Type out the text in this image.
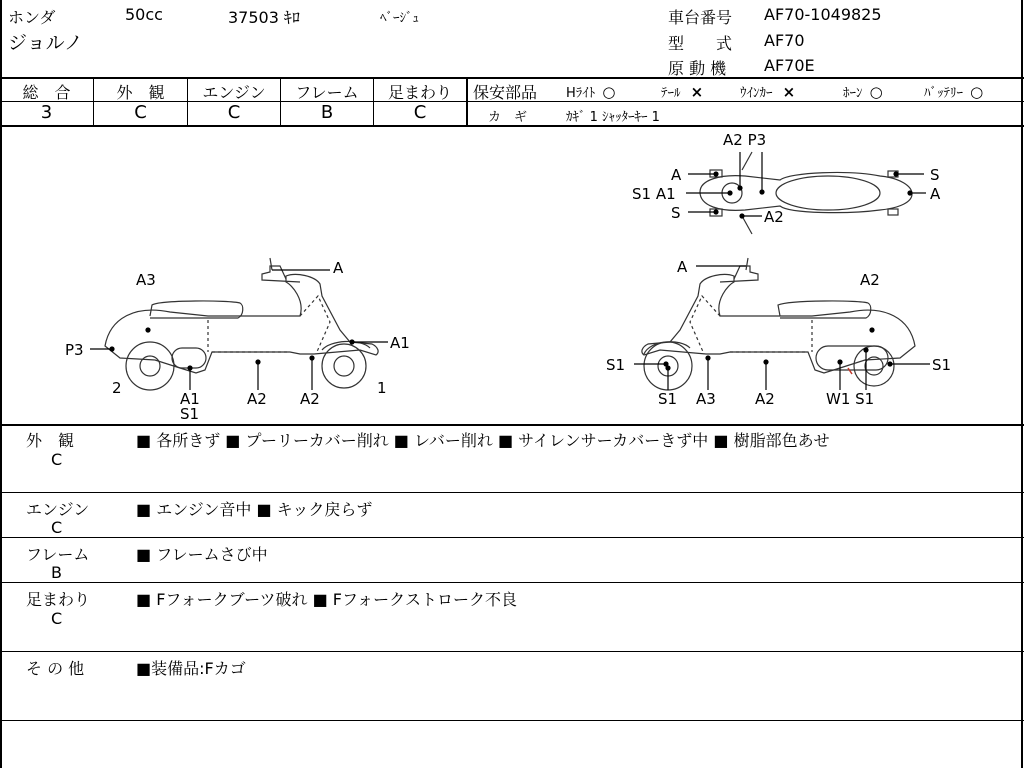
ホンダ	50cc	37503 ｷﾛ	ﾍﾞｰｼﾞｭ
ジョルノ
車台番号 AF70-1049825
型　　式 AF70
原 動 機 AF70E
総　合	外　観	エンジン	フレーム	足まわり
3	C	C	B	C
保安部品 Hﾗｲﾄ ○	ﾃｰﾙ ×	ｳｲﾝｶｰ ×	ﾎｰﾝ ○	ﾊﾞｯﾃﾘｰ ○
カ　ギ	ｶｷﾞ 1 ｼｬｯﾀｰｷｰ 1
A2 P3
A	S
S1 A1	A
S	A2
A
A3
P3	A1
2
A1
S1
A2 A2
1
A
A2
S1	S1
S1 A3	A2	W1 S1
外　観
C
■ 各所きず ■ プーリーカバー削れ ■ レバー削れ ■ サイレンサーカバーきず中 ■ 樹脂部色あせ
エンジン
C
■ エンジン音中 ■ キック戻らず
フレーム
B
■ フレームさび中
足まわり
C
■ Fフォークブーツ破れ ■ Fフォークストローク不良
そ の 他	■装備品:Fカゴ
